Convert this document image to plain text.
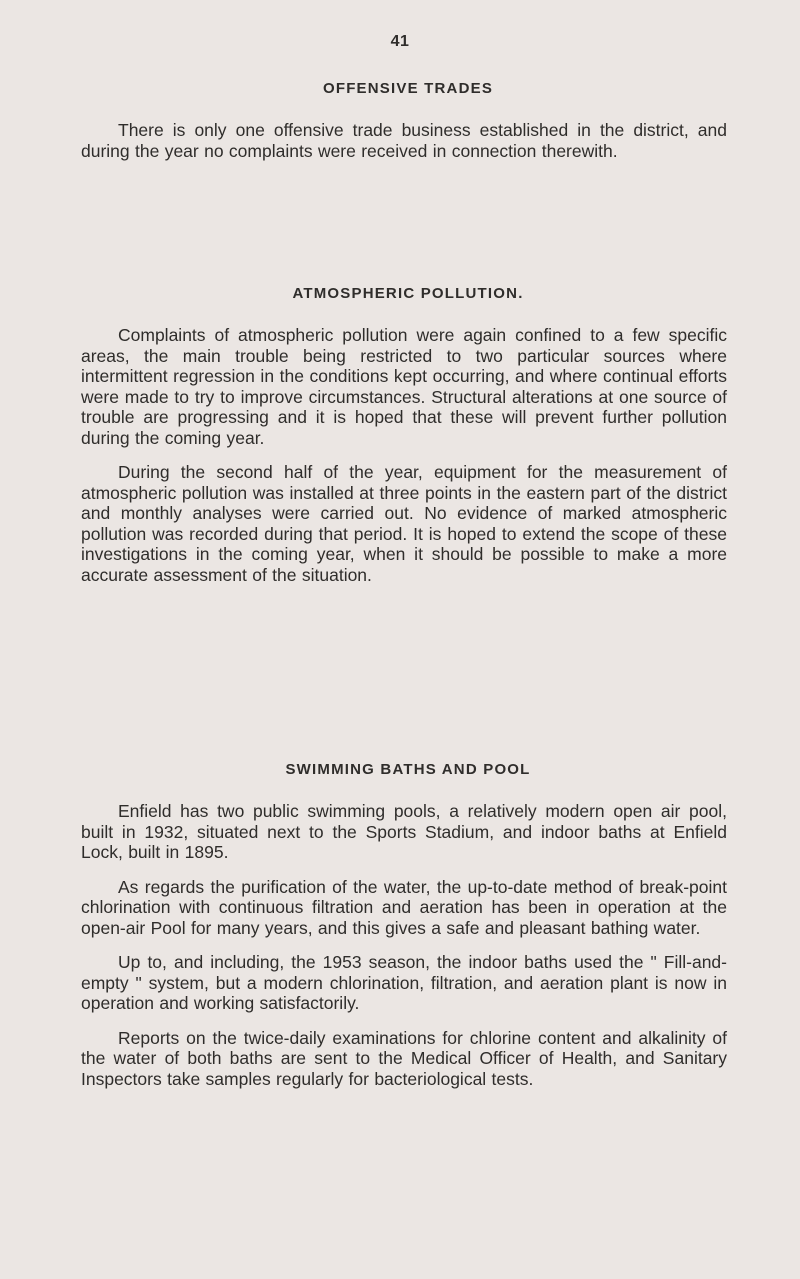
41
OFFENSIVE TRADES

There is only one offensive trade business established in the district, and during the year no complaints were received in connection therewith.

ATMOSPHERIC POLLUTION.

Complaints of atmospheric pollution were again confined to a few specific areas, the main trouble being restricted to two particular sources where intermittent regression in the conditions kept occurring, and where continual efforts were made to try to improve circumstances. Structural alterations at one source of trouble are progressing and it is hoped that these will prevent further pollution during the coming year.

During the second half of the year, equipment for the measurement of atmospheric pollution was installed at three points in the eastern part of the district and monthly analyses were carried out. No evidence of marked atmospheric pollution was recorded during that period. It is hoped to extend the scope of these investigations in the coming year, when it should be possible to make a more accurate assessment of the situation.

SWIMMING BATHS AND POOL

Enfield has two public swimming pools, a relatively modern open air pool, built in 1932, situated next to the Sports Stadium, and indoor baths at Enfield Lock, built in 1895.

As regards the purification of the water, the up-to-date method of break-point chlorination with continuous filtration and aeration has been in operation at the open-air Pool for many years, and this gives a safe and pleasant bathing water.

Up to, and including, the 1953 season, the indoor baths used the " Fill-and-empty " system, but a modern chlorination, filtration, and aeration plant is now in operation and working satisfactorily.

Reports on the twice-daily examinations for chlorine content and alkalinity of the water of both baths are sent to the Medical Officer of Health, and Sanitary Inspectors take samples regularly for bacteriological tests.
